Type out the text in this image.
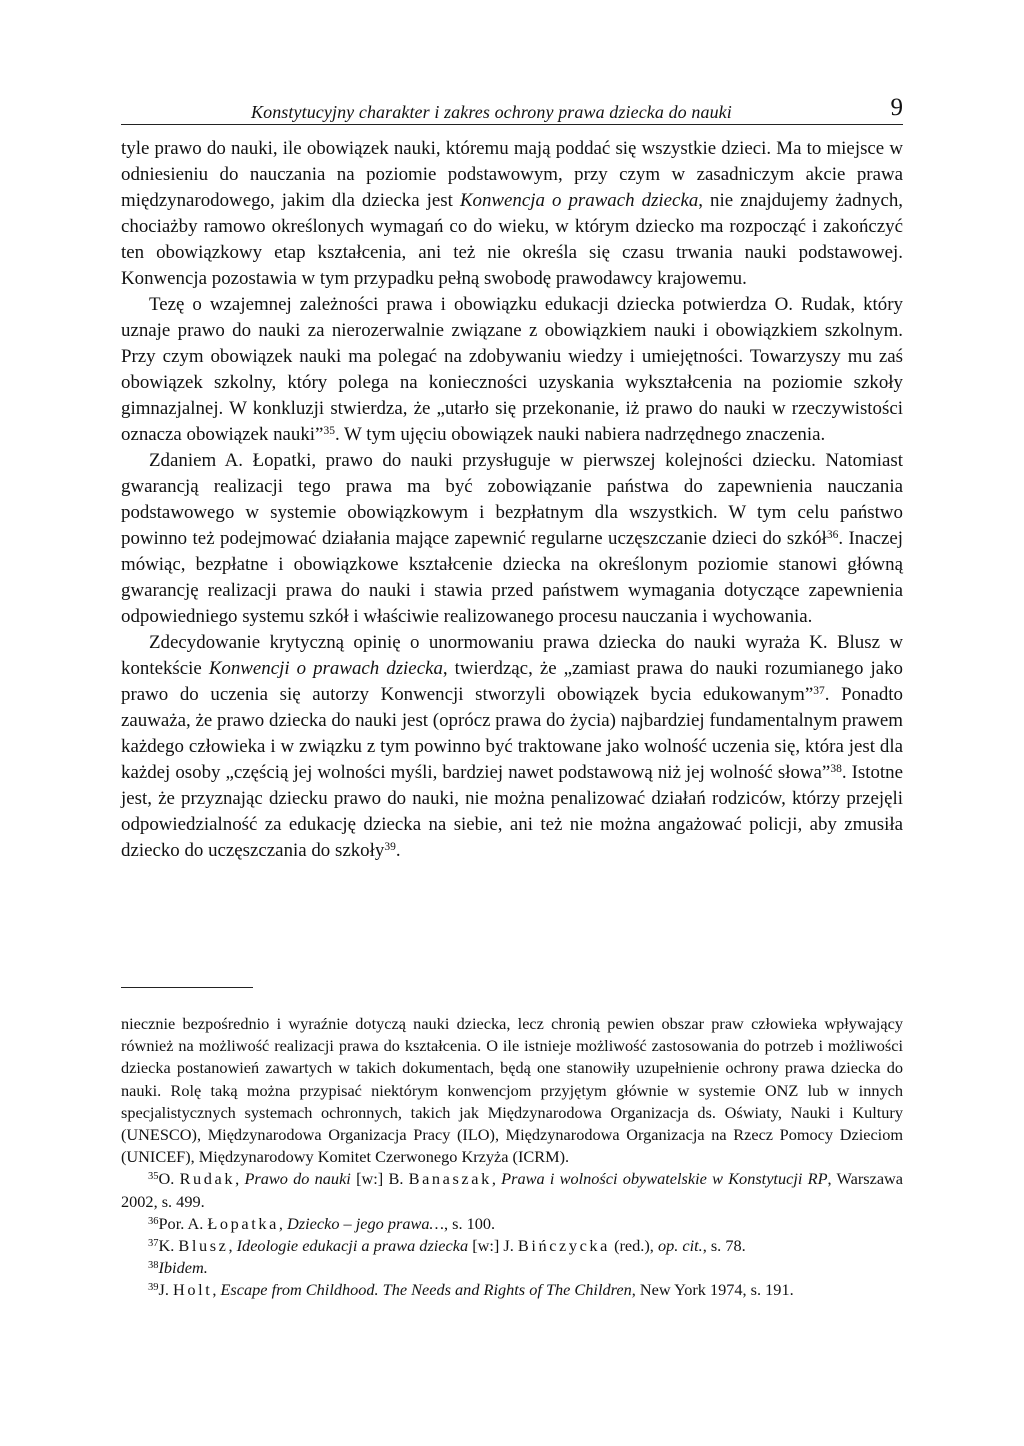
Konstytucyjny charakter i zakres ochrony prawa dziecka do nauki	9

tyle prawo do nauki, ile obowiązek nauki, któremu mają poddać się wszystkie dzieci. Ma to miejsce w odniesieniu do nauczania na poziomie podstawowym, przy czym w zasadniczym akcie prawa międzynarodowego, jakim dla dziecka jest Konwencja o prawach dziecka, nie znajdujemy żadnych, chociażby ramowo określonych wymagań co do wieku, w którym dziecko ma rozpocząć i zakończyć ten obowiązkowy etap kształcenia, ani też nie określa się czasu trwania nauki podstawowej. Konwencja pozostawia w tym przypadku pełną swobodę prawodawcy krajowemu.

Tezę o wzajemnej zależności prawa i obowiązku edukacji dziecka potwierdza O. Rudak, który uznaje prawo do nauki za nierozerwalnie związane z obowiązkiem nauki i obowiązkiem szkolnym. Przy czym obowiązek nauki ma polegać na zdobywaniu wiedzy i umiejętności. Towarzyszy mu zaś obowiązek szkolny, który polega na konieczności uzyskania wykształcenia na poziomie szkoły gimnazjalnej. W konkluzji stwierdza, że „utarło się przekonanie, iż prawo do nauki w rzeczywistości oznacza obowiązek nauki”$^{35}$. W tym ujęciu obowiązek nauki nabiera nadrzędnego znaczenia.

Zdaniem A. Łopatki, prawo do nauki przysługuje w pierwszej kolejności dziecku. Natomiast gwarancją realizacji tego prawa ma być zobowiązanie państwa do zapewnienia nauczania podstawowego w systemie obowiązkowym i bezpłatnym dla wszystkich. W tym celu państwo powinno też podejmować działania mające zapewnić regularne uczęszczanie dzieci do szkół$^{36}$. Inaczej mówiąc, bezpłatne i obowiązkowe kształcenie dziecka na określonym poziomie stanowi główną gwarancję realizacji prawa do nauki i stawia przed państwem wymagania dotyczące zapewnienia odpowiedniego systemu szkół i właściwie realizowanego procesu nauczania i wychowania.

Zdecydowanie krytyczną opinię o unormowaniu prawa dziecka do nauki wyraża K. Blusz w kontekście Konwencji o prawach dziecka, twierdząc, że „zamiast prawa do nauki rozumianego jako prawo do uczenia się autorzy Konwencji stworzyli obowiązek bycia edukowanym”$^{37}$. Ponadto zauważa, że prawo dziecka do nauki jest (oprócz prawa do życia) najbardziej fundamentalnym prawem każdego człowieka i w związku z tym powinno być traktowane jako wolność uczenia się, która jest dla każdej osoby „częścią jej wolności myśli, bardziej nawet podstawową niż jej wolność słowa”$^{38}$. Istotne jest, że przyznając dziecku prawo do nauki, nie można penalizować działań rodziców, którzy przejęli odpowiedzialność za edukację dziecka na siebie, ani też nie można angażować policji, aby zmusiła dziecko do uczęszczania do szkoły$^{39}$.

niecznie bezpośrednio i wyraźnie dotyczą nauki dziecka, lecz chronią pewien obszar praw człowieka wpływający również na możliwość realizacji prawa do kształcenia. O ile istnieje możliwość zastosowania do potrzeb i możliwości dziecka postanowień zawartych w takich dokumentach, będą one stanowiły uzupełnienie ochrony prawa dziecka do nauki. Rolę taką można przypisać niektórym konwencjom przyjętym głównie w systemie ONZ lub w innych specjalistycznych systemach ochronnych, takich jak Międzynarodowa Organizacja ds. Oświaty, Nauki i Kultury (UNESCO), Międzynarodowa Organizacja Pracy (ILO), Międzynarodowa Organizacja na Rzecz Pomocy Dzieciom (UNICEF), Międzynarodowy Komitet Czerwonego Krzyża (ICRM).

$^{35}$O. Rudak, Prawo do nauki [w:] B. Banaszak, Prawa i wolności obywatelskie w Konstytucji RP, Warszawa 2002, s. 499.

$^{36}$Por. A. Łopatka, Dziecko – jego prawa…, s. 100.

$^{37}$K. Blusz, Ideologie edukacji a prawa dziecka [w:] J. Bińczycka (red.), op. cit., s. 78.

$^{38}$Ibidem.

$^{39}$J. Holt, Escape from Childhood. The Needs and Rights of The Children, New York 1974, s. 191.
